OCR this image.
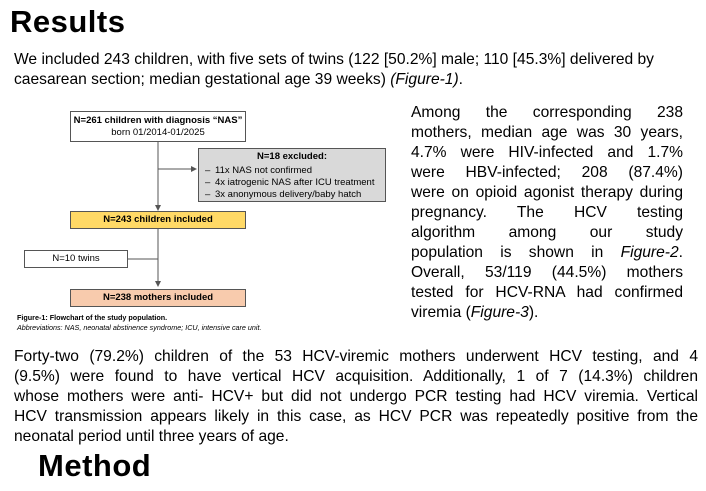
Results
We included 243 children, with five sets of twins (122 [50.2%] male; 110 [45.3%] delivered by
caesarean section; median gestational age 39 weeks) (Figure-1).
N=261 children with diagnosis “NAS”
born 01/2014-01/2025
N=18 excluded:
– 11x NAS not confirmed
– 4x iatrogenic NAS after ICU treatment
– 3x anonymous delivery/baby hatch
N=243 children included
N=10 twins
N=238 mothers included
Figure-1: Flowchart of the study population.
Abbreviations: NAS, neonatal abstinence syndrome; ICU, intensive care unit.
Among the corresponding 238
mothers, median age was 30 years,
4.7% were HIV-infected and 1.7%
were HBV-infected; 208 (87.4%)
were on opioid agonist therapy during
pregnancy. The HCV testing
algorithm among our study
population is shown in Figure-2.
Overall, 53/119 (44.5%) mothers
tested for HCV-RNA had confirmed
viremia (Figure-3).
Forty-two (79.2%) children of the 53 HCV-viremic mothers underwent HCV testing, and 4
(9.5%) were found to have vertical HCV acquisition. Additionally, 1 of 7 (14.3%) children
whose mothers were anti- HCV+ but did not undergo PCR testing had HCV viremia. Vertical
HCV transmission appears likely in this case, as HCV PCR was repeatedly positive from the
neonatal period until three years of age.
Method
